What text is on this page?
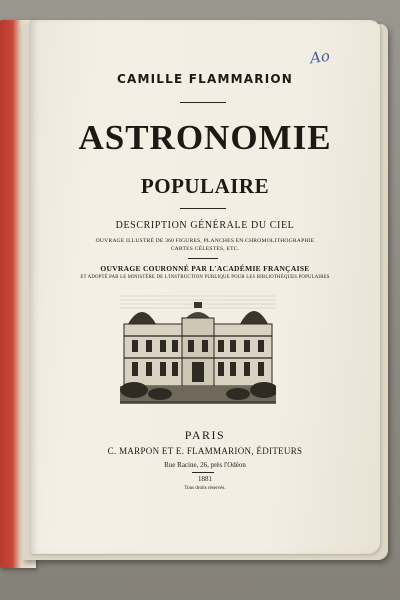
Ao
CAMILLE FLAMMARION
ASTRONOMIE
POPULAIRE
DESCRIPTION GÉNÉRALE DU CIEL
OUVRAGE ILLUSTRÉ DE 360 FIGURES, PLANCHES EN CHROMOLITHOGRAPHIE
CARTES CÉLESTES, ETC.
OUVRAGE COURONNÉ PAR L'ACADÉMIE FRANÇAISE
ET ADOPTÉ PAR LE MINISTÈRE DE L'INSTRUCTION PUBLIQUE POUR LES BIBLIOTHÈQUES POPULAIRES
PARIS
C. MARPON ET E. FLAMMARION, ÉDITEURS
Rue Racine, 26, près l'Odéon
1881
Tous droits réservés.
